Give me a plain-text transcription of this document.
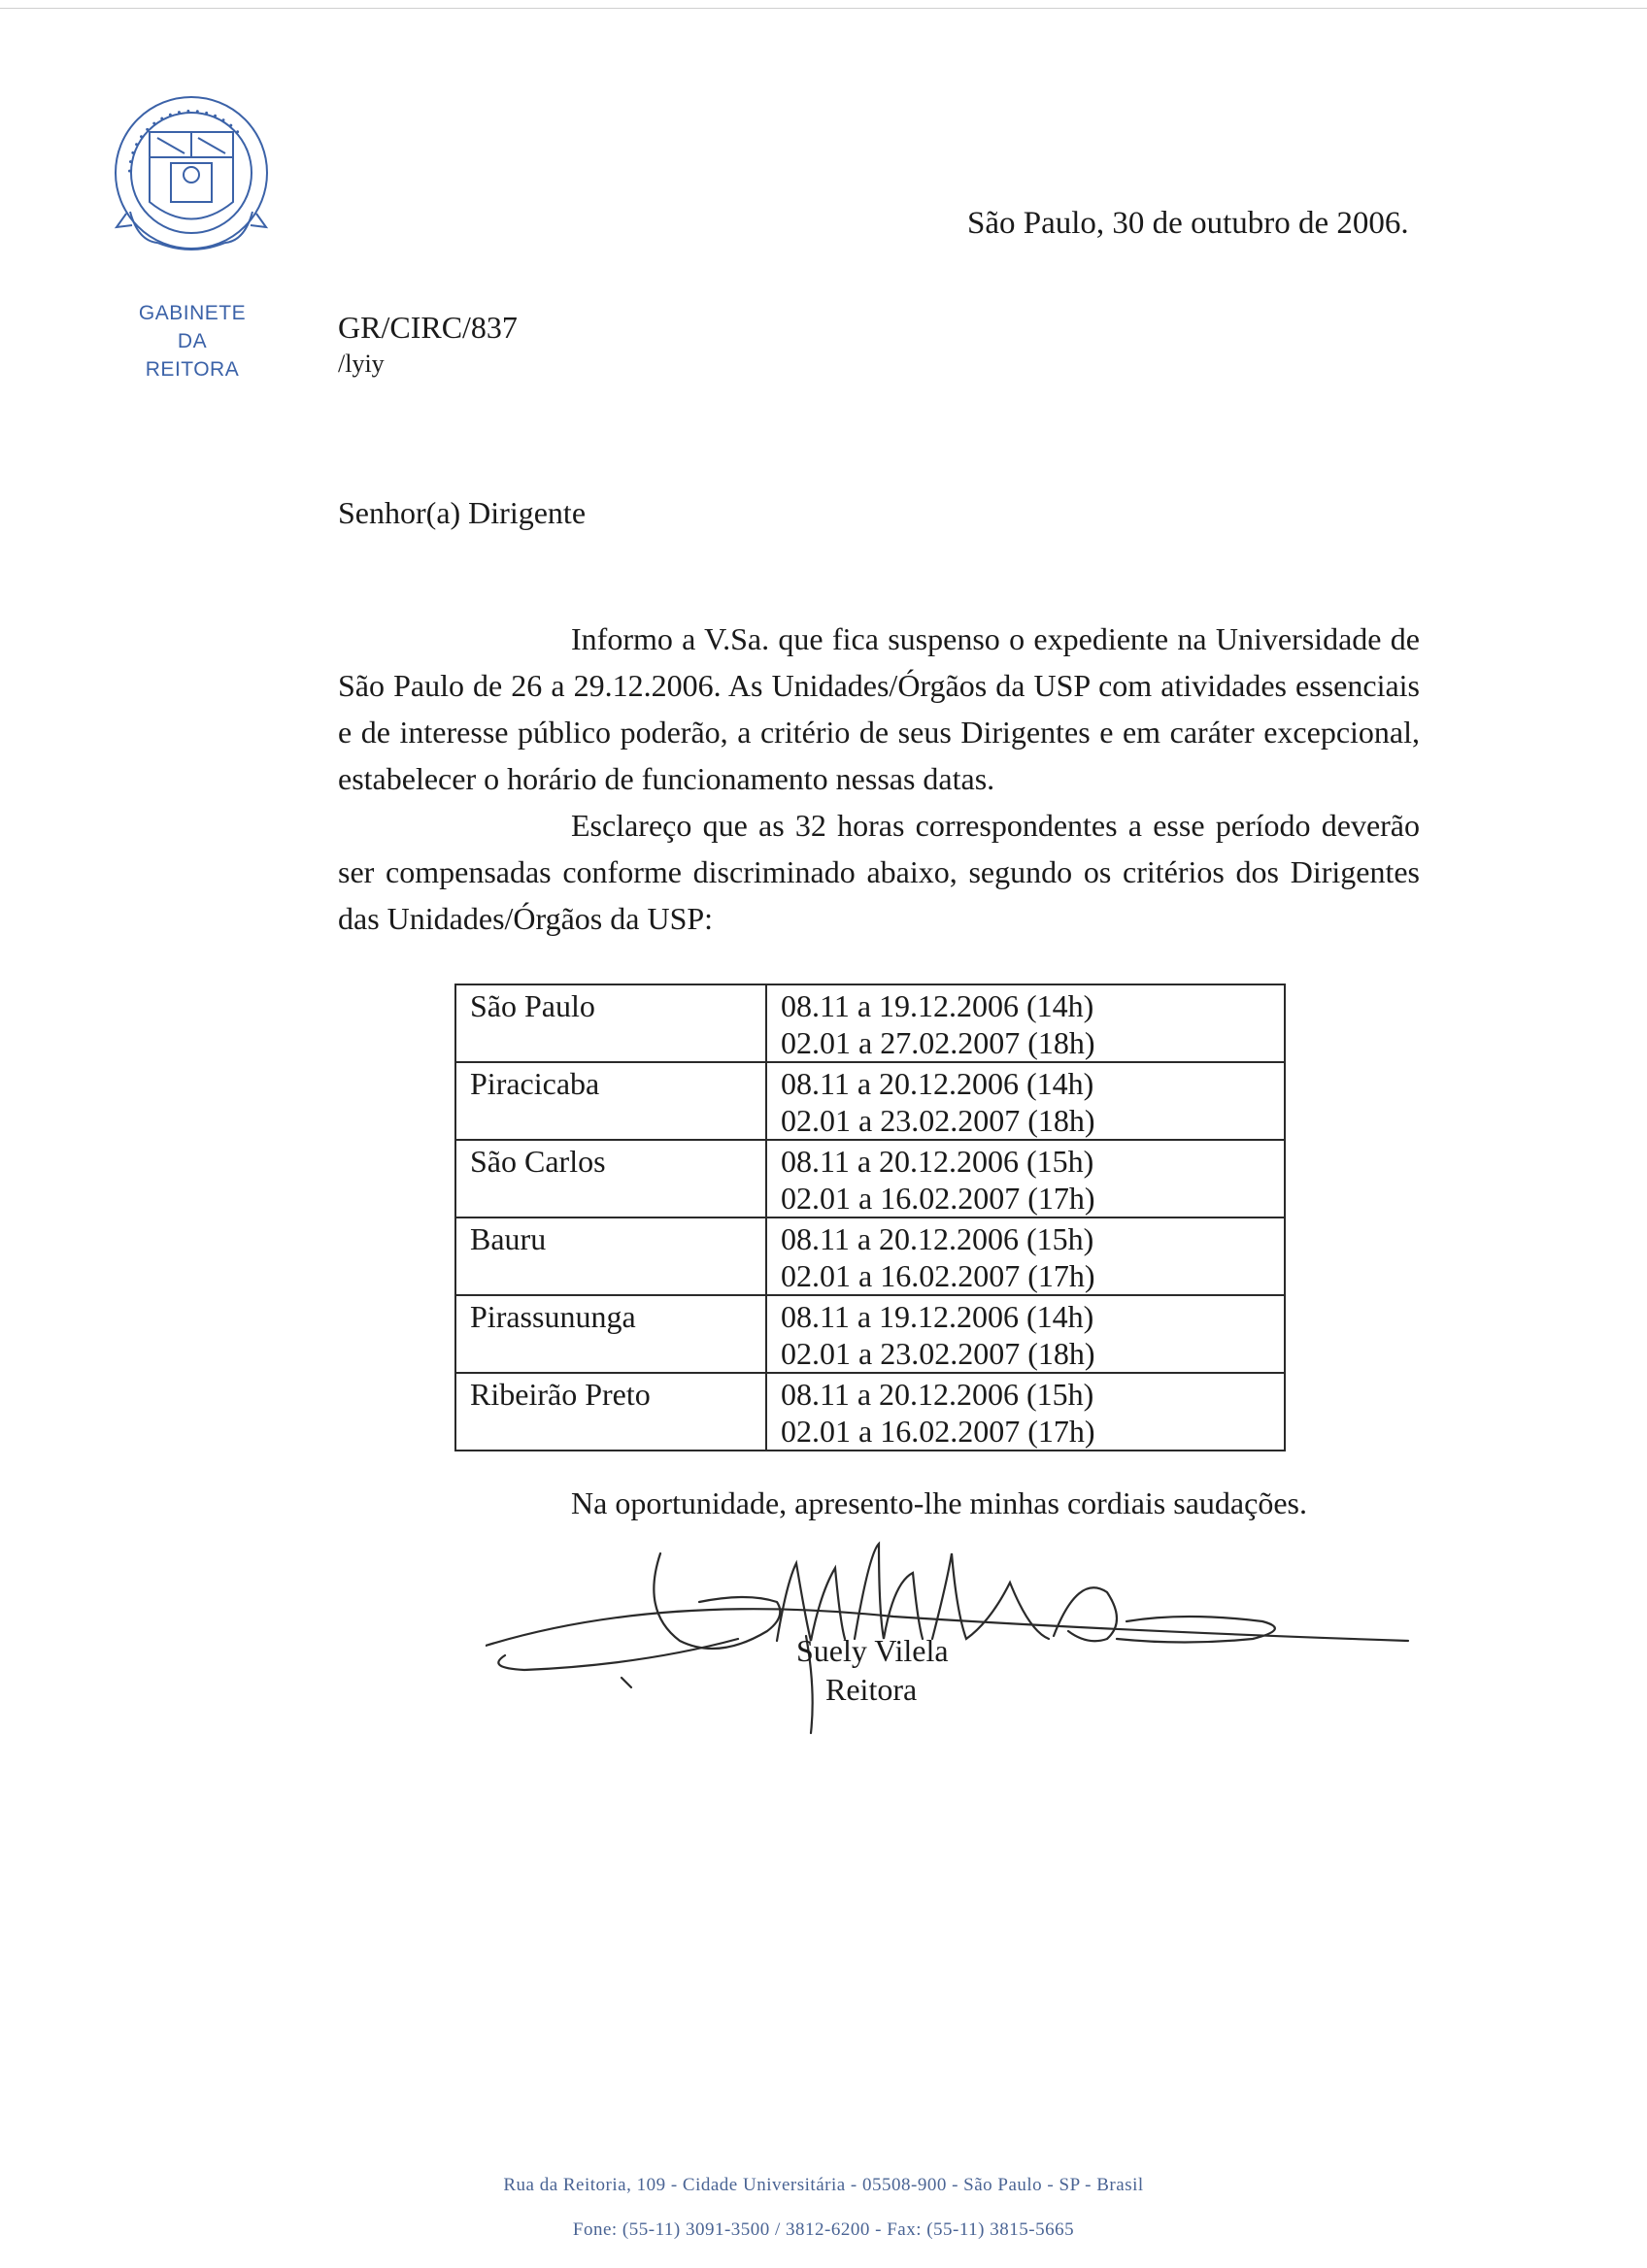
• • • • • • • • • • • • • • • • •
GABINETE
DA
REITORA
São Paulo, 30 de outubro de 2006.
GR/CIRC/837
/lyiy
Senhor(a) Dirigente

Informo a V.Sa. que fica suspenso o expediente na Universidade de São Paulo de 26 a 29.12.2006. As Unidades/Órgãos da USP com atividades essenciais e de interesse público poderão, a critério de seus Dirigentes e em caráter excepcional, estabelecer o horário de funcionamento nessas datas.

Esclareço que as 32 horas correspondentes a esse período deverão ser compensadas conforme discriminado abaixo, segundo os critérios dos Dirigentes das Unidades/Órgãos da USP:

São Paulo	08.11 a 19.12.2006 (14h)
02.01 a 27.02.2007 (18h)

Piracicaba	08.11 a 20.12.2006 (14h)
02.01 a 23.02.2007 (18h)

São Carlos	08.11 a 20.12.2006 (15h)
02.01 a 16.02.2007 (17h)

Bauru	08.11 a 20.12.2006 (15h)
02.01 a 16.02.2007 (17h)

Pirassununga	08.11 a 19.12.2006 (14h)
02.01 a 23.02.2007 (18h)

Ribeirão Preto	08.11 a 20.12.2006 (15h)
02.01 a 16.02.2007 (17h)
Na oportunidade, apresento-lhe minhas cordiais saudações.
Suely Vilela
Reitora
Rua da Reitoria, 109 - Cidade Universitária - 05508-900 - São Paulo - SP - Brasil
Fone: (55-11) 3091-3500 / 3812-6200 - Fax: (55-11) 3815-5665
